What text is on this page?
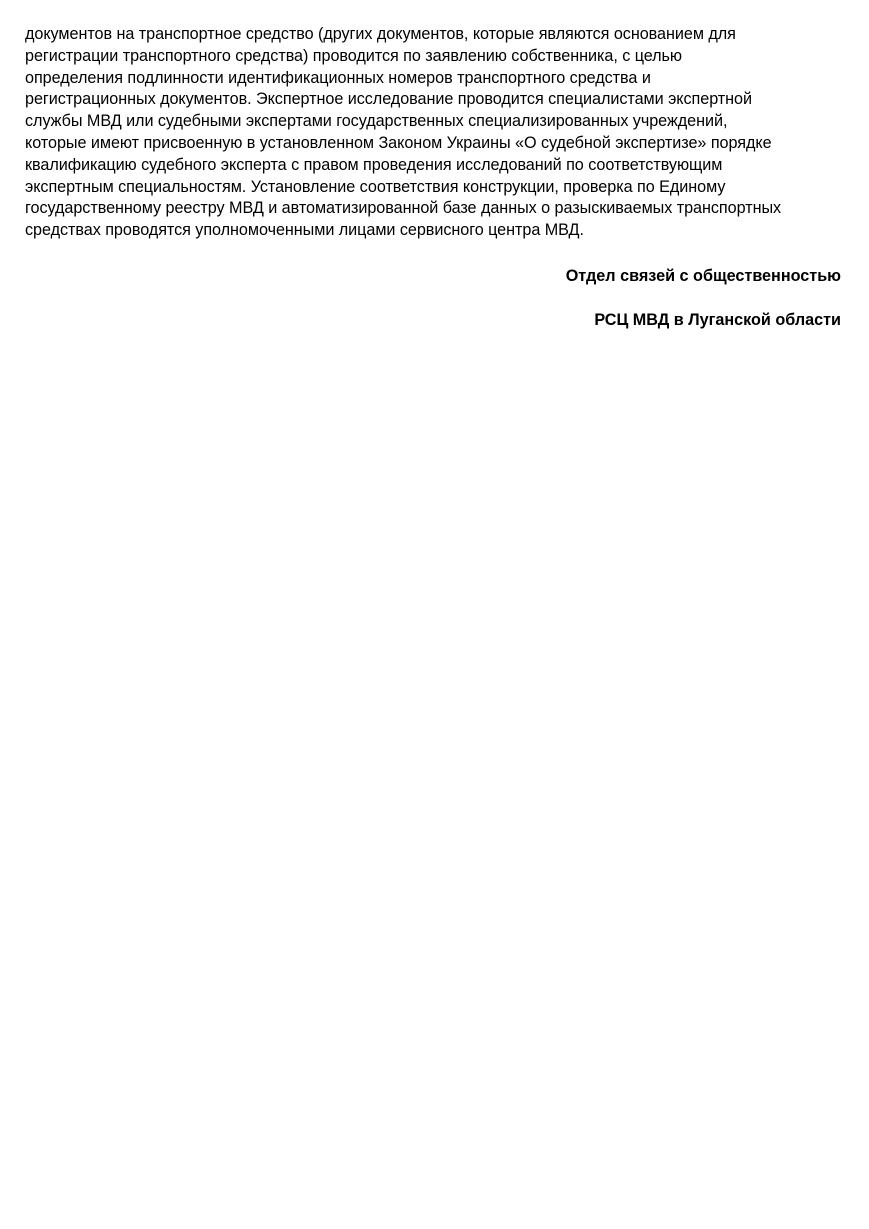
документов на транспортное средство (других документов, которые являются основанием для
регистрации транспортного средства) проводится по заявлению собственника, с целью
определения подлинности идентификационных номеров транспортного средства и
регистрационных документов. Экспертное исследование проводится специалистами экспертной
службы МВД или судебными экспертами государственных специализированных учреждений,
которые имеют присвоенную в установленном Законом Украины «О судебной экспертизе» порядке
квалификацию судебного эксперта с правом проведения исследований по соответствующим
экспертным специальностям. Установление соответствия конструкции, проверка по Единому
государственному реестру МВД и автоматизированной базе данных о разыскиваемых транспортных
средствах проводятся уполномоченными лицами сервисного центра МВД.

Отдел связей с общественностью

РСЦ МВД в Луганской области
